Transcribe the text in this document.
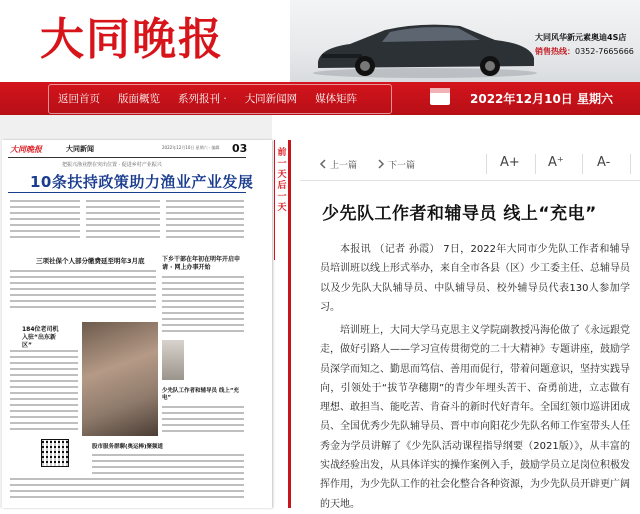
大同晚报	大同风华新元素奥迪4S店
销售热线：0352-7665666
返回首页	版面概览	系列报刊 ·	大同新闻网	媒体矩阵	2022年12月10日 星期六
大同晚报	大同新闻	2022年12月10日 星期六 · 编辑 03
把振兴渔业摆在突出位置 · 促进乡村产业振兴
10条扶持政策助力渔业产业发展
三项社保个人部分缴费延至明年3月底	下乡干部在年初在明年开启申请 · 网上办事开始
184位老司机入驻“出东新区”
少先队工作者和辅导员 线上“充电”
股市服务群聊(奥运棒)聚频道
前
一
天
后
一
天
上一篇	下一篇	A+ A⁺	A-
少先队工作者和辅导员 线上“充电”
本报讯 （记者 孙霞） 7日，2022年大同市少先队工作者和辅导员培训班以线上形式举办，来自全市各县（区）少工委主任、总辅导员以及少先队大队辅导员、中队辅导员、校外辅导员代表130人参加学习。
培训班上，大同大学马克思主义学院副教授冯海伦做了《永远跟党走，做好引路人——学习宣传贯彻党的二十大精神》专题讲座，鼓励学员深学而知之、勤思而笃信、善用而促行，带着问题意识，坚持实践导向，引领处于“拔节孕穗期”的青少年埋头苦干、奋勇前进，立志做有理想、敢担当、能吃苦、肯奋斗的新时代好青年。全国红领巾巡讲团成员、全国优秀少先队辅导员、晋中市向阳花少先队名师工作室带头人任秀金为学员讲解了《少先队活动课程指导纲要（2021版）》，从丰富的实战经验出发，从具体详实的操作案例入手，鼓励学员立足岗位积极发挥作用，为少先队工作的社会化整合各种资源，为少先队员开辟更广阔的天地。
